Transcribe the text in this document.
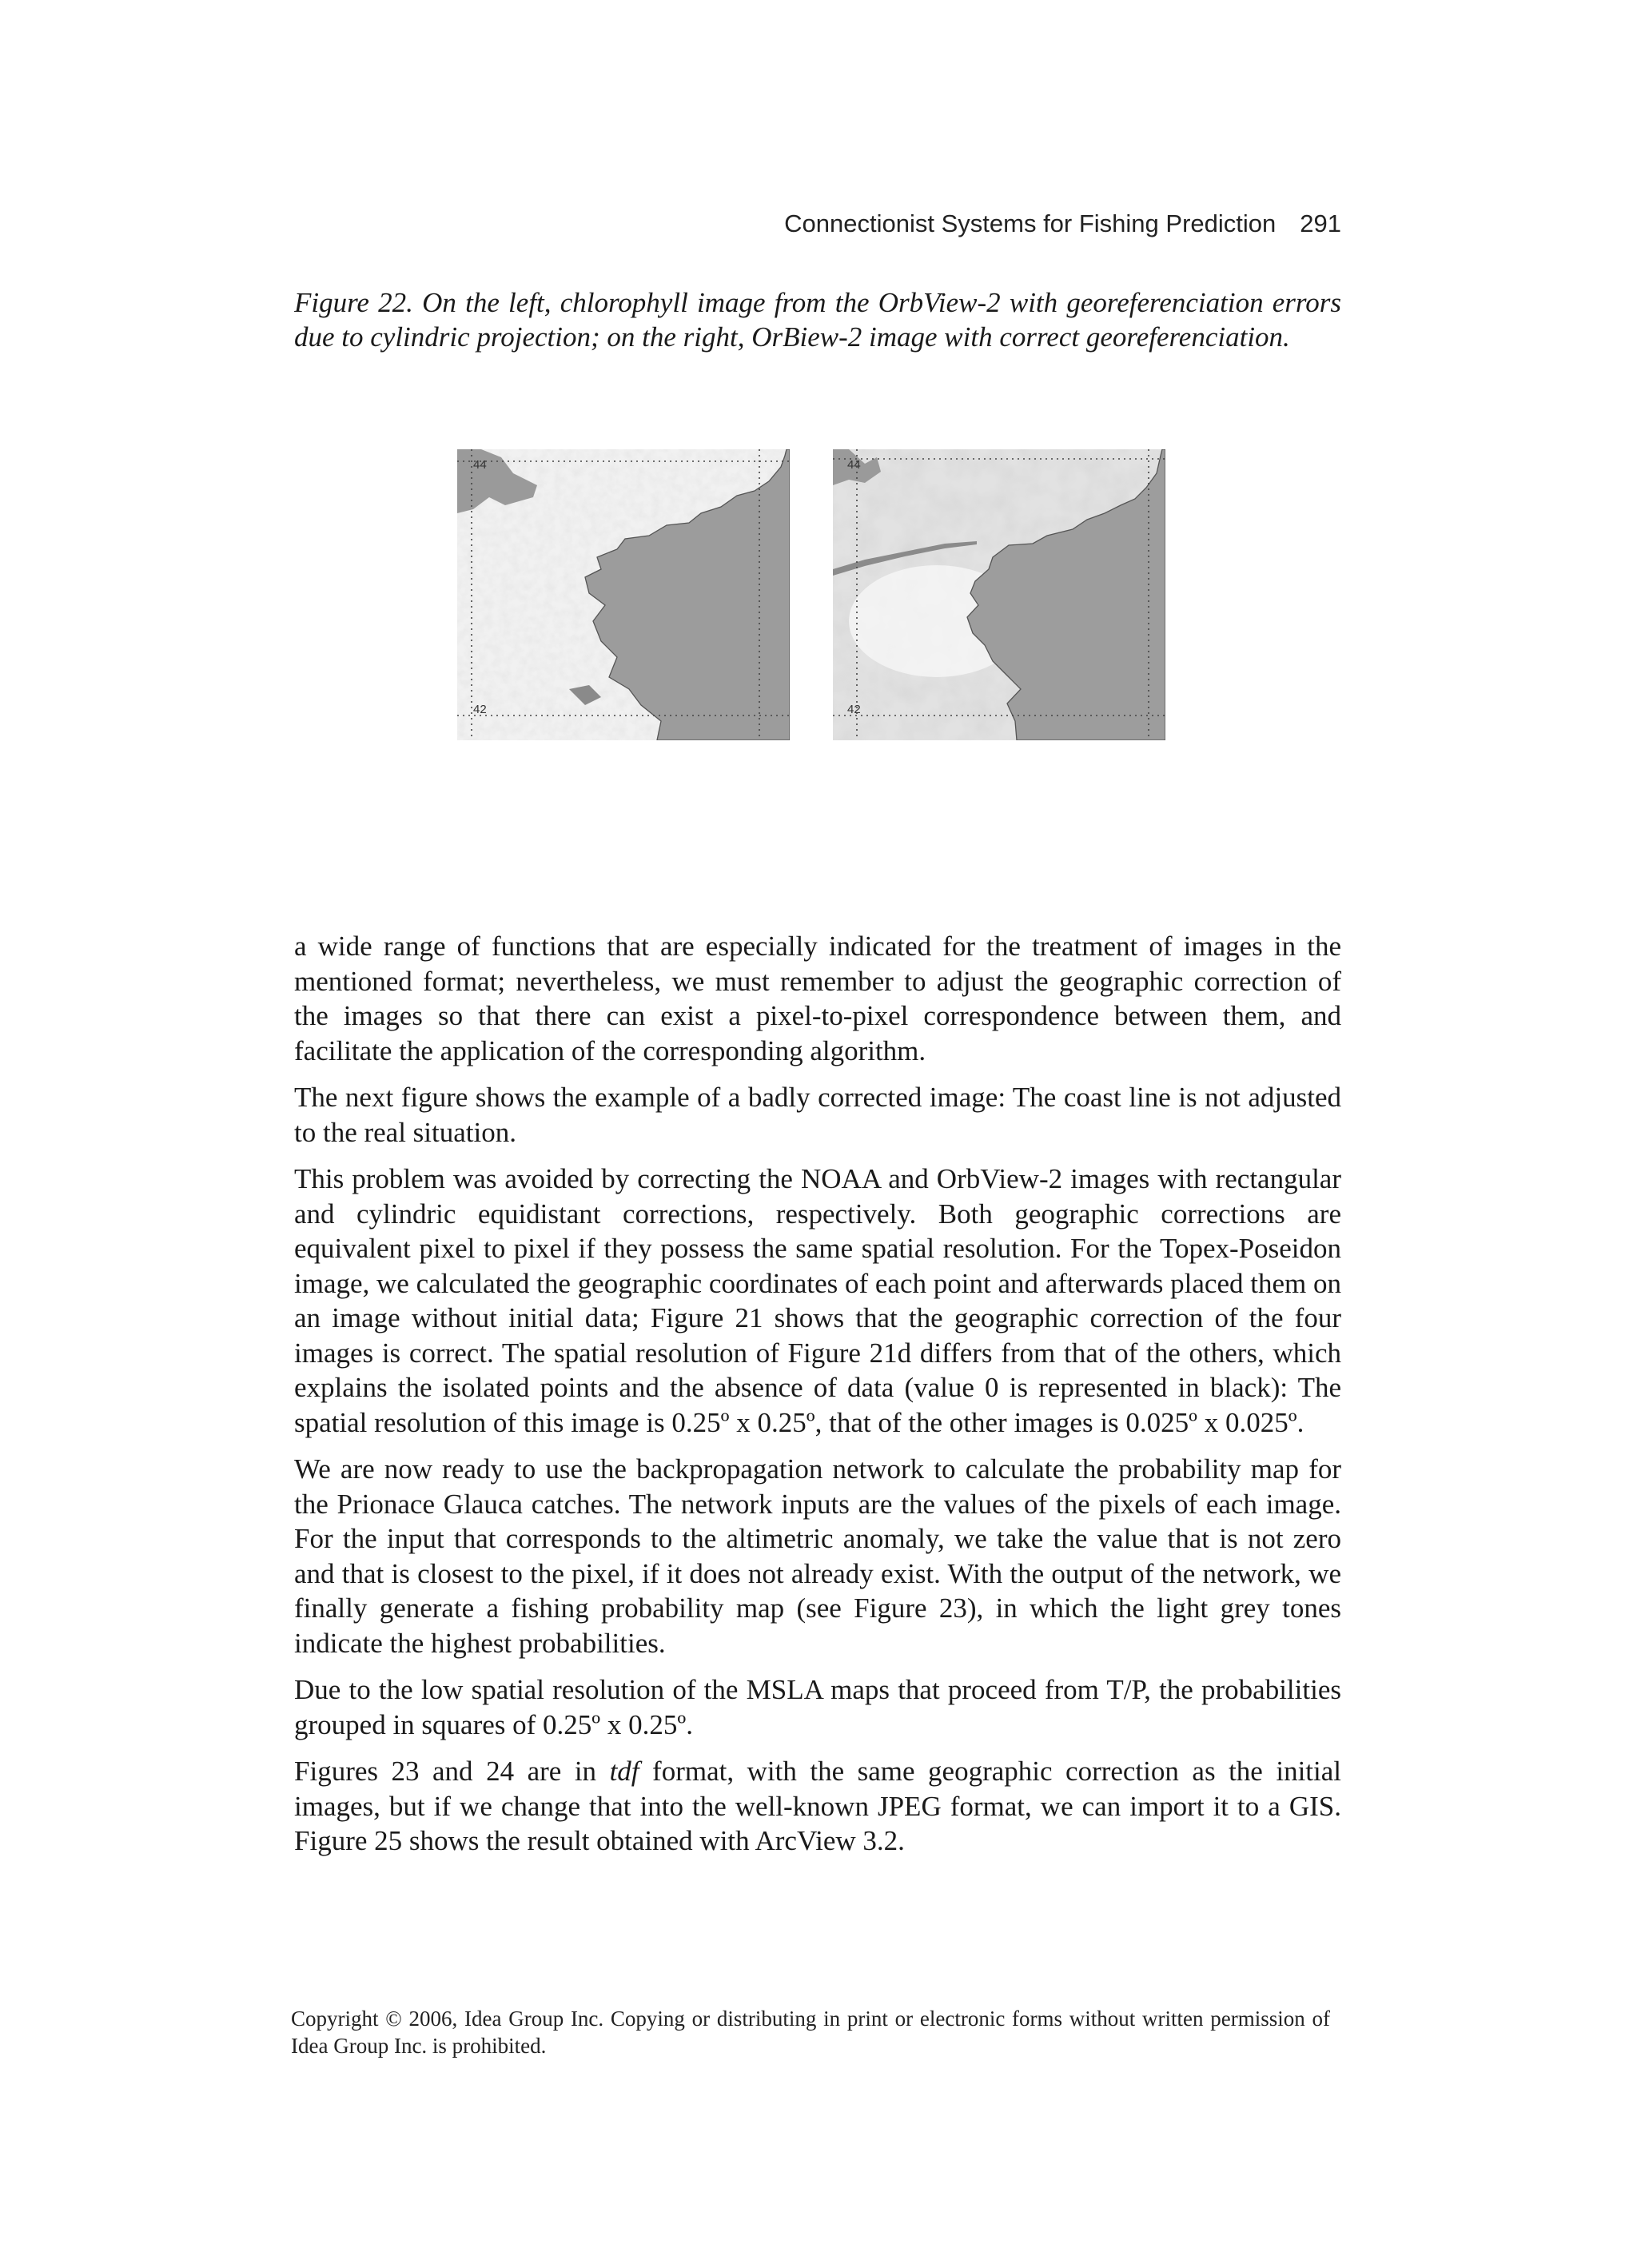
Connectionist Systems for Fishing Prediction 291
Figure 22. On the left, chlorophyll image from the OrbView-2 with georeferenciation errors due to cylindric projection; on the right, OrBiew-2 image with correct georeferenciation.
44
42
44
42

a wide range of functions that are especially indicated for the treatment of images in the mentioned format; nevertheless, we must remember to adjust the geographic correction of the images so that there can exist a pixel-to-pixel correspondence between them, and facilitate the application of the corresponding algorithm.

The next figure shows the example of a badly corrected image: The coast line is not adjusted to the real situation.

This problem was avoided by correcting the NOAA and OrbView-2 images with rectangular and cylindric equidistant corrections, respectively. Both geographic corrections are equivalent pixel to pixel if they possess the same spatial resolution. For the Topex-Poseidon image, we calculated the geographic coordinates of each point and afterwards placed them on an image without initial data; Figure 21 shows that the geographic correction of the four images is correct. The spatial resolution of Figure 21d differs from that of the others, which explains the isolated points and the absence of data (value 0 is represented in black): The spatial resolution of this image is 0.25º x 0.25º, that of the other images is 0.025º x 0.025º.

We are now ready to use the backpropagation network to calculate the probability map for the Prionace Glauca catches. The network inputs are the values of the pixels of each image. For the input that corresponds to the altimetric anomaly, we take the value that is not zero and that is closest to the pixel, if it does not already exist. With the output of the network, we finally generate a fishing probability map (see Figure 23), in which the light grey tones indicate the highest probabilities.

Due to the low spatial resolution of the MSLA maps that proceed from T/P, the probabilities grouped in squares of 0.25º x 0.25º.

Figures 23 and 24 are in tdf format, with the same geographic correction as the initial images, but if we change that into the well-known JPEG format, we can import it to a GIS. Figure 25 shows the result obtained with ArcView 3.2.

Copyright © 2006, Idea Group Inc. Copying or distributing in print or electronic forms without written permission of Idea Group Inc. is prohibited.
